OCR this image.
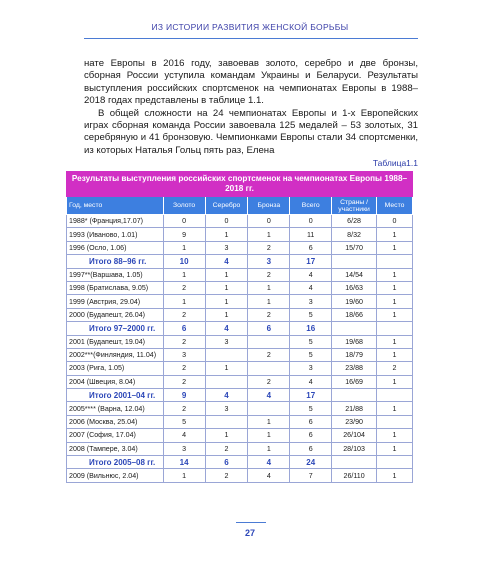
ИЗ ИСТОРИИ РАЗВИТИЯ ЖЕНСКОЙ БОРЬБЫ

нате Европы в 2016 году, завоевав золото, серебро и две бронзы, сборная России уступила командам Украины и Беларуси. Результаты выступления российских спортсменок на чемпионатах Европы в 1988–2018 годах представлены в таблице 1.1.

В общей сложности на 24 чемпионатах Европы и 1-х Европейских играх сборная команда России завоевала 125 медалей – 53 золотых, 31 серебряную и 41 бронзовую. Чемпионками Европы стали 34 спортсменки, из которых Наталья Гольц пять раз, Елена

Таблица1.1
Результаты выступления российских спортсменок на чемпионатах Европы 1988–2018 гг.						
Год, место	Золото	Серебро	Бронза	Всего	Страны / участники	Место
1988* (Франция,17.07)	0	0	0	0	6/28	0
1993 (Иваново, 1.01)	9	1	1	11	8/32	1
1996 (Осло, 1.06)	1	3	2	6	15/70	1
Итого 88–96 гг.	10	4	3	17		
1997**(Варшава, 1.05)	1	1	2	4	14/54	1
1998 (Братиславa, 9.05)	2	1	1	4	16/63	1
1999 (Австрия, 29.04)	1	1	1	3	19/60	1
2000 (Будапешт, 26.04)	2	1	2	5	18/66	1
Итого 97–2000 гг.	6	4	6	16		
2001 (Будапешт, 19.04)	2	3		5	19/68	1
2002***(Финляндия, 11.04)	3		2	5	18/79	1
2003 (Рига, 1.05)	2	1		3	23/88	2
2004 (Швеция, 8.04)	2		2	4	16/69	1
Итого 2001–04 гг.	9	4	4	17		
2005**** (Варна, 12.04)	2	3		5	21/88	1
2006 (Москва, 25.04)	5		1	6	23/90	
2007 (София, 17.04)	4	1	1	6	26/104	1
2008 (Тампере, 3.04)	3	2	1	6	28/103	1
Итого 2005–08 гг.	14	6	4	24		
2009 (Вильнюс, 2.04)	1	2	4	7	26/110	1
27
